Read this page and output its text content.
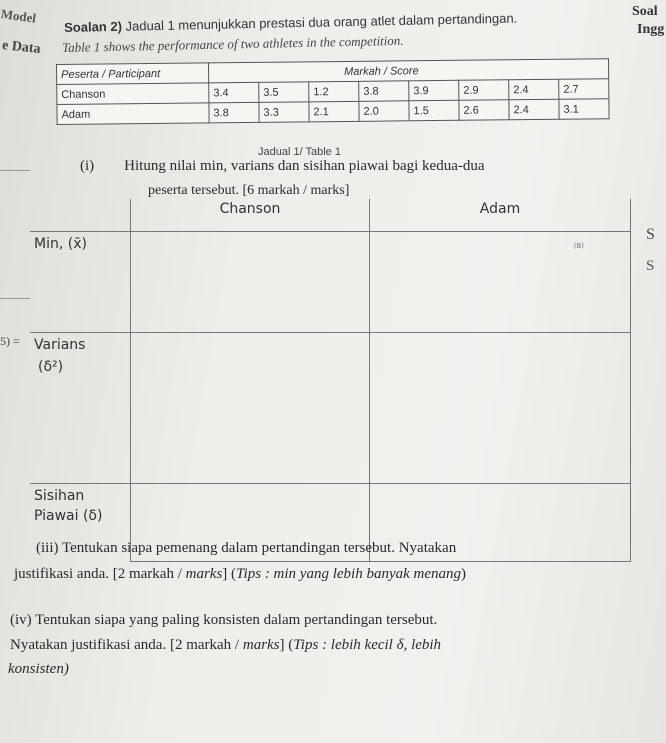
Model
e Data
Soal
Ingg
5) =
S
S
Soalan 2) Jadual 1 menunjukkan prestasi dua orang atlet dalam pertandingan.
Table 1 shows the performance of two athletes in the competition.
Peserta / Participant	Markah / Score							
Chanson	3.4	3.5	1.2	3.8	3.9	2.9	2.4	2.7
Adam	3.8	3.3	2.1	2.0	1.5	2.6	2.4	3.1
Jadual 1/ Table 1
(i) Hitung nilai min, varians dan sisihan piawai bagi kedua-dua
peserta tersebut. [6 markah / marks]
	Chanson	Adam
Min, (x̄)		(B)

Varians
(δ²)		

Sisihan
Piawai (δ)		

(iii) Tentukan siapa pemenang dalam pertandingan tersebut. Nyatakan
justifikasi anda. [2 markah / marks] (Tips : min yang lebih banyak menang)
(iv) Tentukan siapa yang paling konsisten dalam pertandingan tersebut.
Nyatakan justifikasi anda. [2 markah / marks] (Tips : lebih kecil δ, lebih
konsisten)
